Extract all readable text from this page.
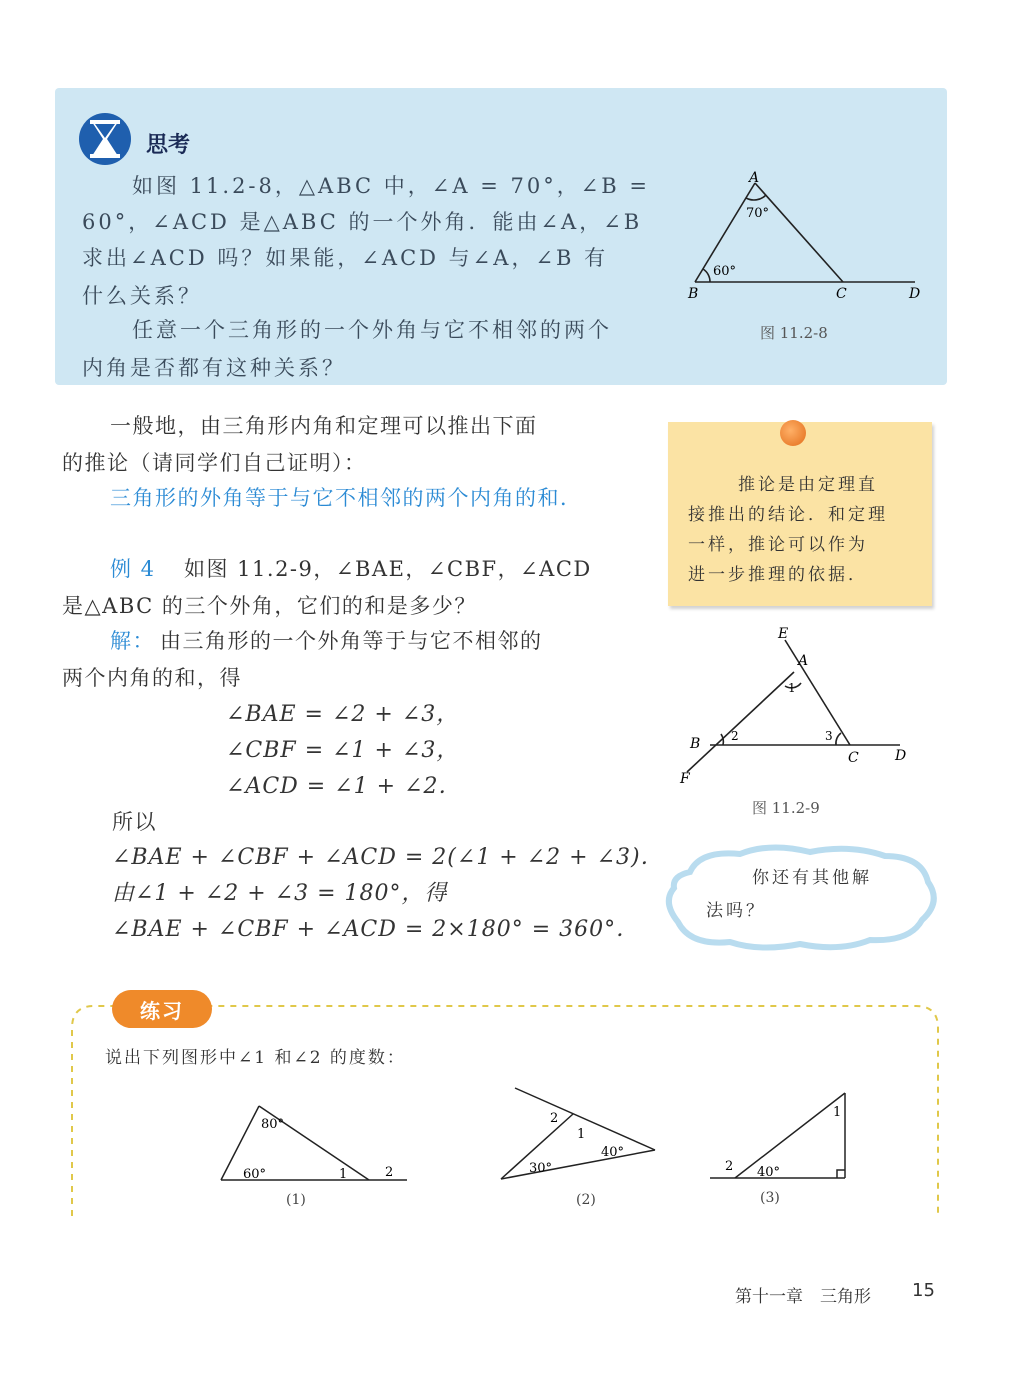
思考
如图 11.2-8，△ABC 中，∠A = 70°，∠B =
60°，∠ACD 是△ABC 的一个外角．能由∠A，∠B
求出∠ACD 吗？如果能，∠ACD 与∠A，∠B 有
什么关系？
任意一个三角形的一个外角与它不相邻的两个
内角是否都有这种关系？
A
B	C	D
70°
60°
图 11.2-8
一般地，由三角形内角和定理可以推出下面
的推论（请同学们自己证明）：
三角形的外角等于与它不相邻的两个内角的和．
例 4 如图 11.2-9，∠BAE，∠CBF，∠ACD
是△ABC 的三个外角，它们的和是多少？
解： 由三角形的一个外角等于与它不相邻的
两个内角的和，得
∠BAE = ∠2 + ∠3，
∠CBF = ∠1 + ∠3，
∠ACD = ∠1 + ∠2．
所以
∠BAE + ∠CBF + ∠ACD = 2(∠1 + ∠2 + ∠3)．
由∠1 + ∠2 + ∠3 = 180°，得
∠BAE + ∠CBF + ∠ACD = 2×180° = 360°．
推论是由定理直
接推出的结论．和定理
一样，推论可以作为
进一步推理的依据．
E
A
B
C	D
F
1
2	3
图 11.2-9
你还有其他解
法吗？
练习
说出下列图形中∠1 和∠2 的度数：
80°
60°	1	2
(1)
2
1
40°
30°
(2)
1
2 40°
(3)
第十一章　三角形 15
